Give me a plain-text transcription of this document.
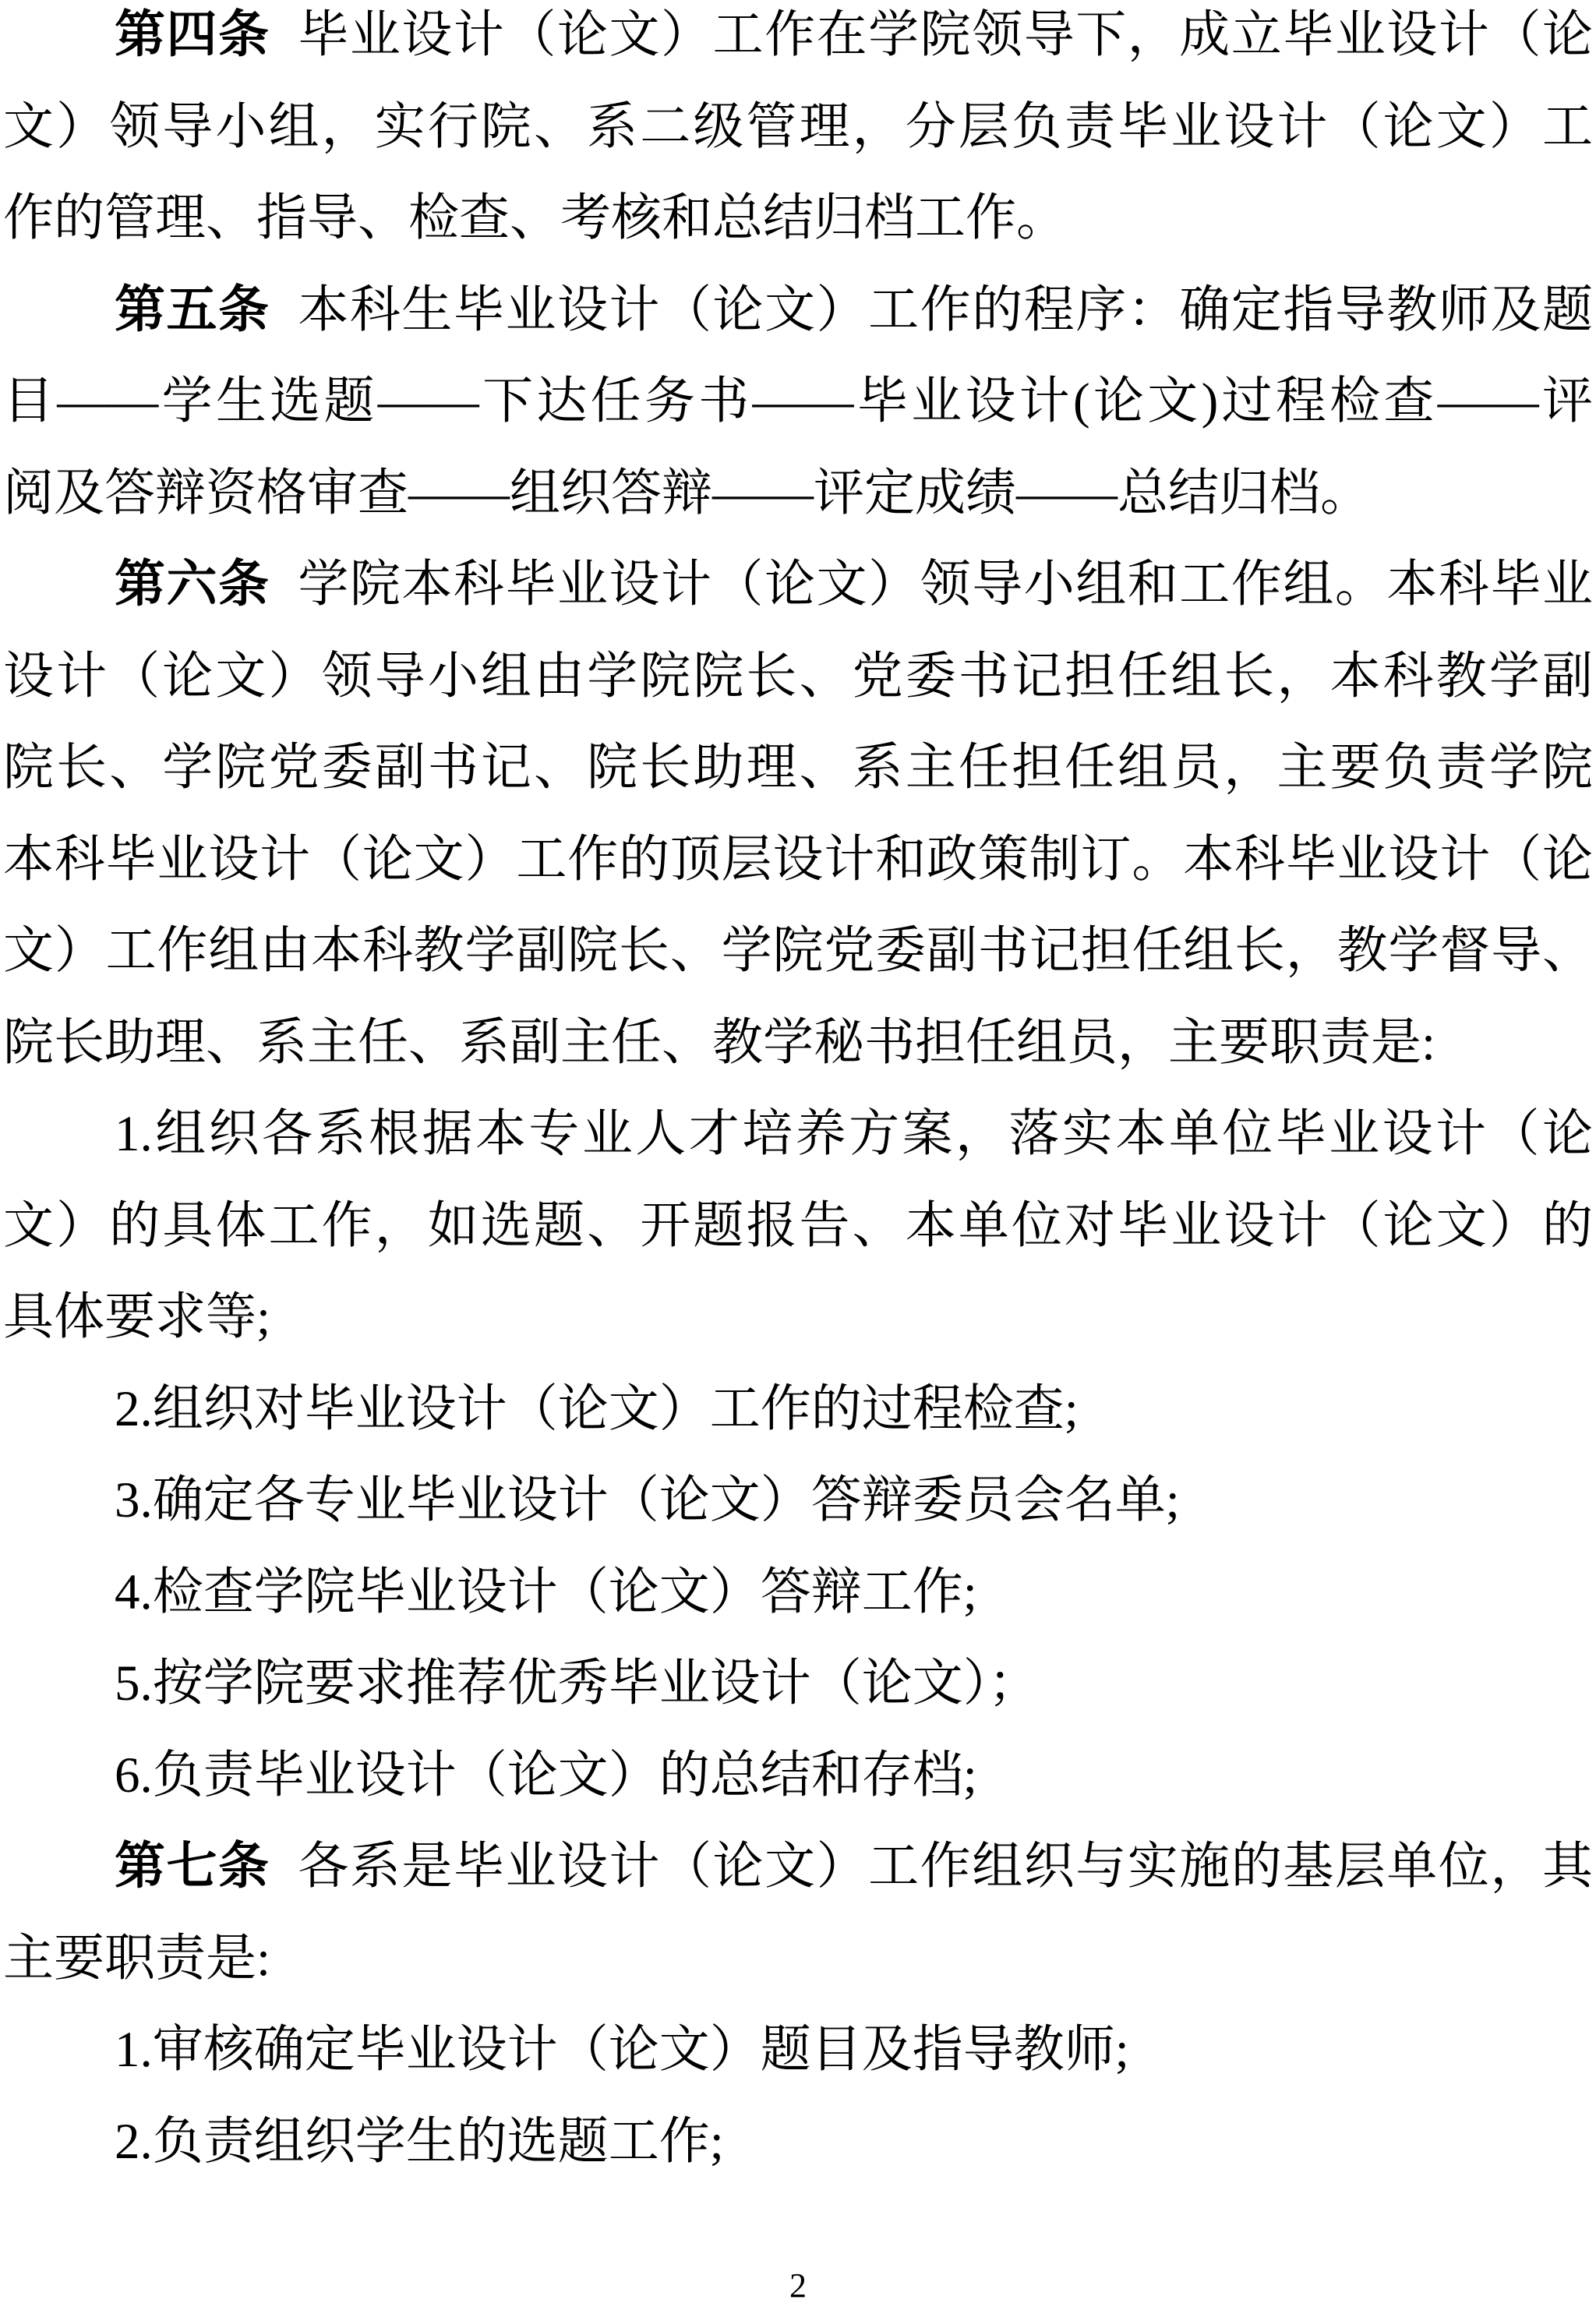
第四条 毕业设计（论文）工作在学院领导下，成立毕业设计（论
文）领导小组，实行院、系二级管理，分层负责毕业设计（论文）工
作的管理、指导、检查、考核和总结归档工作。
第五条 本科生毕业设计（论文）工作的程序：确定指导教师及题
目——学生选题——下达任务书——毕业设计(论文)过程检查——评
阅及答辩资格审查——组织答辩——评定成绩——总结归档。
第六条 学院本科毕业设计（论文）领导小组和工作组。本科毕业
设计（论文）领导小组由学院院长、党委书记担任组长，本科教学副
院长、学院党委副书记、院长助理、系主任担任组员，主要负责学院
本科毕业设计（论文）工作的顶层设计和政策制订。本科毕业设计（论
文）工作组由本科教学副院长、学院党委副书记担任组长，教学督导、
院长助理、系主任、系副主任、教学秘书担任组员，主要职责是:
1.组织各系根据本专业人才培养方案，落实本单位毕业设计（论
文）的具体工作，如选题、开题报告、本单位对毕业设计（论文）的
具体要求等;
2.组织对毕业设计（论文）工作的过程检查;
3.确定各专业毕业设计（论文）答辩委员会名单;
4.检查学院毕业设计（论文）答辩工作;
5.按学院要求推荐优秀毕业设计（论文）；
6.负责毕业设计（论文）的总结和存档;
第七条 各系是毕业设计（论文）工作组织与实施的基层单位，其
主要职责是:
1.审核确定毕业设计（论文）题目及指导教师;
2.负责组织学生的选题工作;
2
